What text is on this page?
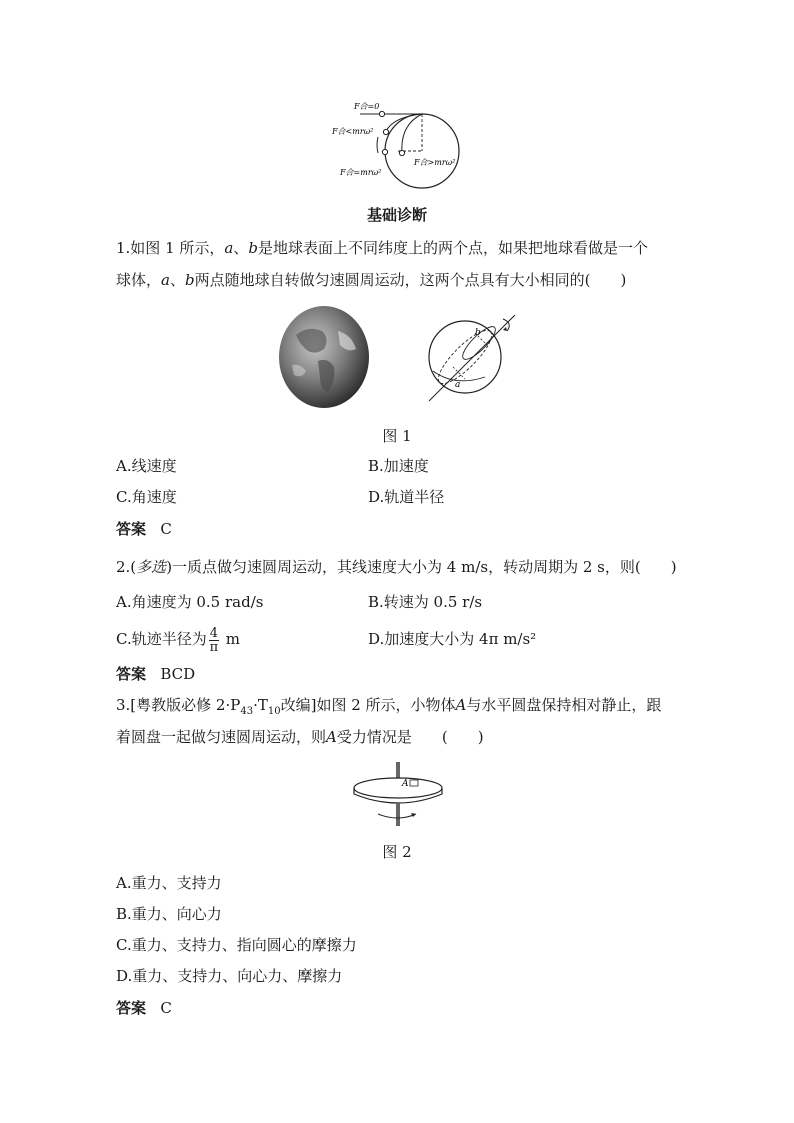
F合=0
F合<mrω²
F合=mrω²
F合>mrω²
基础诊断
1.如图 1 所示，a、b是地球表面上不同纬度上的两个点，如果把地球看做是一个
球体，a、b两点随地球自转做匀速圆周运动，这两个点具有大小相同的(　　)
b
a
图 1
A.线速度	B.加速度
C.角速度	D.轨道半径
答案 C
2.(多选)一质点做匀速圆周运动，其线速度大小为 4 m/s，转动周期为 2 s，则(　　)
A.角速度为 0.5 rad/s	B.转速为 0.5 r/s
C.轨迹半径为 $\frac{4}{\pi}$ m	D.加速度大小为 4π m/s²
答案 BCD
3.[粤教版必修 $2\cdot P_{43}\cdot T_{10}$改编]如图 2 所示，小物体A与水平圆盘保持相对静止，跟
着圆盘一起做匀速圆周运动，则A受力情况是　　(　　)
A
图 2
A.重力、支持力
B.重力、向心力
C.重力、支持力、指向圆心的摩擦力
D.重力、支持力、向心力、摩擦力
答案 C
